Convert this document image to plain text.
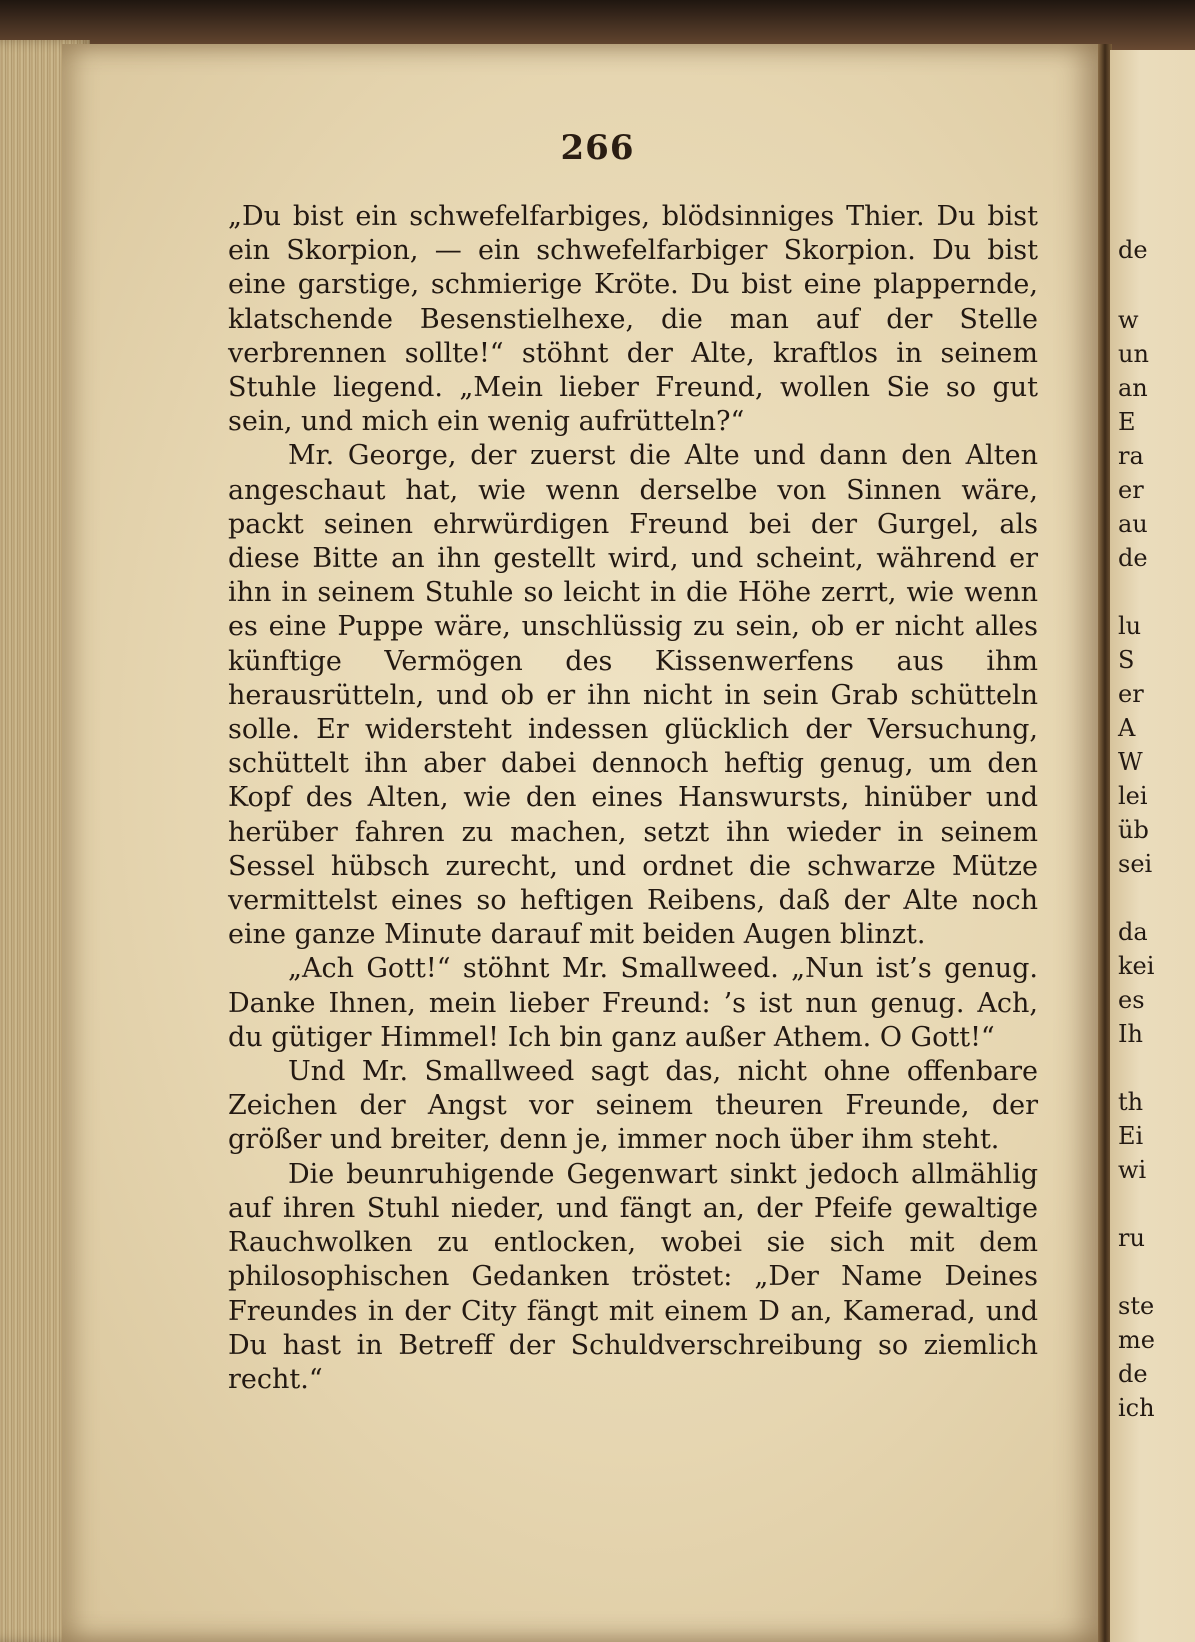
266

„Du bist ein schwefelfarbiges, blödsinniges Thier. Du bist ein Skorpion, — ein schwefelfarbiger Skorpion. Du bist eine garstige, schmierige Kröte. Du bist eine plappernde, klatschende Besenstielhexe, die man auf der Stelle verbrennen sollte!“ stöhnt der Alte, kraftlos in seinem Stuhle liegend. „Mein lieber Freund, wollen Sie so gut sein, und mich ein wenig aufrütteln?“

Mr. George, der zuerst die Alte und dann den Alten angeschaut hat, wie wenn derselbe von Sinnen wäre, packt seinen ehrwürdigen Freund bei der Gurgel, als diese Bitte an ihn gestellt wird, und scheint, während er ihn in seinem Stuhle so leicht in die Höhe zerrt, wie wenn es eine Puppe wäre, unschlüssig zu sein, ob er nicht alles künftige Vermögen des Kissenwerfens aus ihm herausrütteln, und ob er ihn nicht in sein Grab schütteln solle. Er widersteht indessen glücklich der Versuchung, schüttelt ihn aber dabei dennoch heftig genug, um den Kopf des Alten, wie den eines Hanswursts, hinüber und herüber fahren zu machen, setzt ihn wieder in seinem Sessel hübsch zurecht, und ordnet die schwarze Mütze vermittelst eines so heftigen Reibens, daß der Alte noch eine ganze Minute darauf mit beiden Augen blinzt.

„Ach Gott!“ stöhnt Mr. Smallweed. „Nun ist’s genug. Danke Ihnen, mein lieber Freund: ’s ist nun genug. Ach, du gütiger Himmel! Ich bin ganz außer Athem. O Gott!“

Und Mr. Smallweed sagt das, nicht ohne offenbare Zeichen der Angst vor seinem theuren Freunde, der größer und breiter, denn je, immer noch über ihm steht.

Die beunruhigende Gegenwart sinkt jedoch allmählig auf ihren Stuhl nieder, und fängt an, der Pfeife gewaltige Rauchwolken zu entlocken, wobei sie sich mit dem philosophischen Gedanken tröstet: „Der Name Deines Freundes in der City fängt mit einem D an, Kamerad, und Du hast in Betreff der Schuldverschreibung so ziemlich recht.“

de
w
un
an
E
ra
er
au
de
lu
S
er
A
W
lei
üb
sei
da
kei
es
Ih
th
Ei
wi
ru
ste
me
de
ich
